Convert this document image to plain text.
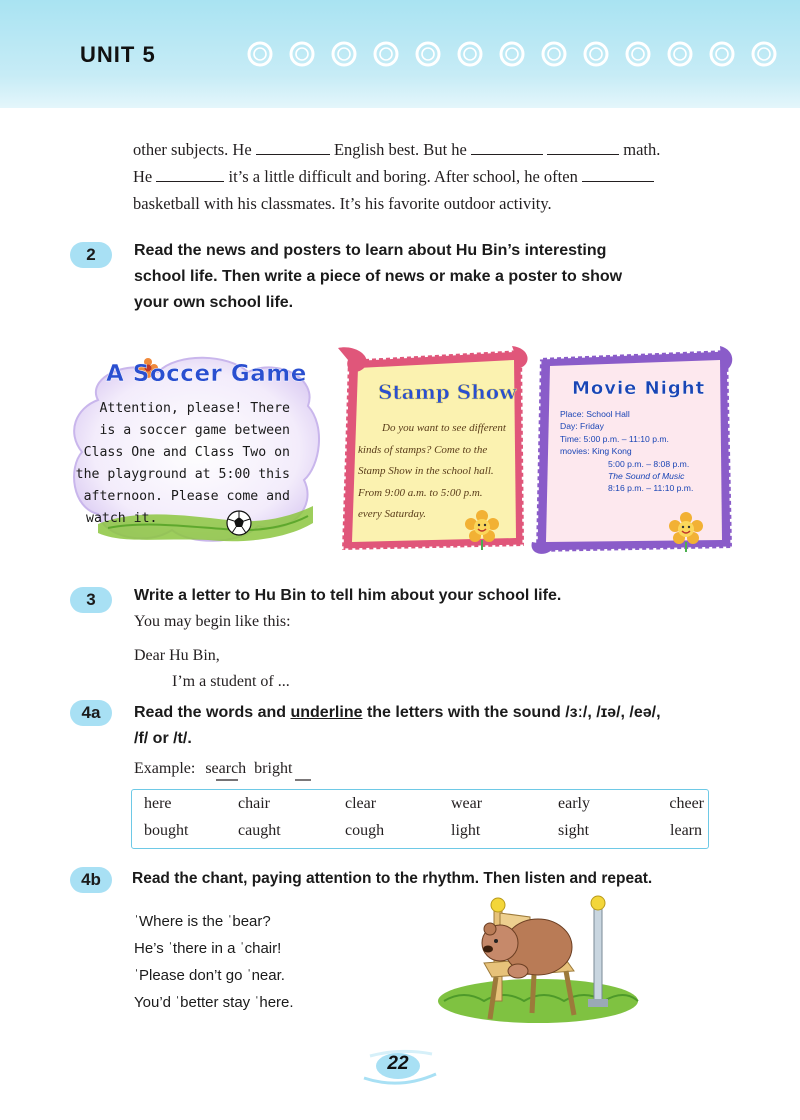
UNIT 5
other subjects. He	English best. But he	math.
He	it’s a little difficult and boring. After school, he often
basketball with his classmates. It’s his favorite outdoor activity.
2	Read the news and posters to learn about Hu Bin’s interesting
school life. Then write a piece of news or make a poster to show
your own school life.
A Soccer Game
Attention, please! There
is a soccer game between
Class One and Class Two on
the playground at 5:00 this
afternoon. Please come and
watch it.
Stamp Show
Do you want to see different
kinds of stamps? Come to the
Stamp Show in the school hall.
From 9:00 a.m. to 5:00 p.m.
every Saturday.
Movie Night
Place: School Hall
Day: Friday
Time: 5:00 p.m. – 11:10 p.m.
movies: King Kong
5:00 p.m. – 8:08 p.m.
The Sound of Music
8:16 p.m. – 11:10 p.m.
3	Write a letter to Hu Bin to tell him about your school life.
You may begin like this:
Dear Hu Bin,
I’m a student of ...
4a	Read the words and underline the letters with the sound /ɜː/, /ɪə/, /eə/,
/f/ or /t/.
Example: search bright
here	chair	clear	wear	early	cheer
bought	caught	cough	light	sight	learn
4b	Read the chant, paying attention to the rhythm. Then listen and repeat.
ˈWhere is the ˈbear?
He’s ˈthere in a ˈchair!
ˈPlease don’t go ˈnear.
You’d ˈbetter stay ˈhere.
22
